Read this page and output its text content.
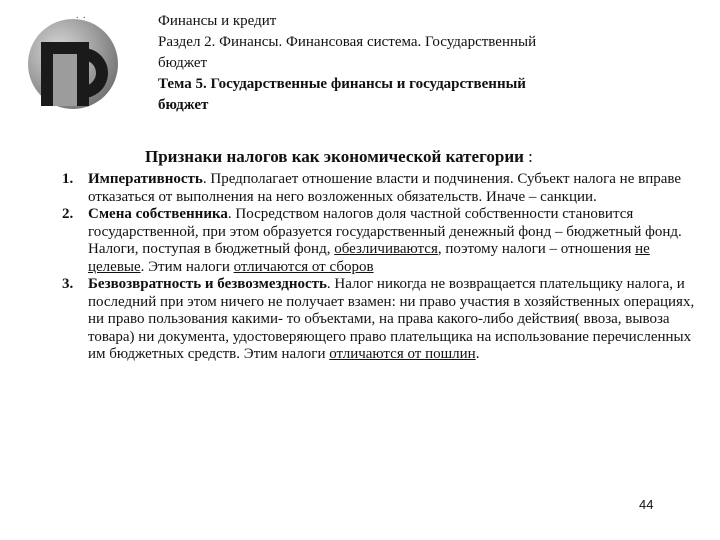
. .	Финансы и кредит
Раздел 2. Финансы. Финансовая система. Государственный
бюджет
Тема 5. Государственные финансы и государственный
бюджет
Признаки налогов как экономической категории :
1. Императивность. Предполагает отношение власти и подчинения. Субъект налога не вправе отказаться от выполнения на него возложенных обязательств. Иначе – санкции.
2. Смена собственника. Посредством налогов доля частной собственности становится государственной, при этом образуется государственный денежный фонд – бюджетный фонд. Налоги, поступая в бюджетный фонд, обезличиваются, поэтому налоги – отношения не целевые. Этим налоги отличаются от сборов
3. Безвозвратность и безвозмездность. Налог никогда не возвращается плательщику налога, и последний при этом ничего не получает взамен: ни право участия в хозяйственных операциях, ни право пользования какими- то объектами, на права какого-либо действия( ввоза, вывоза товара) ни документа, удостоверяющего право плательщика на использование перечисленных им бюджетных средств. Этим налоги отличаются от пошлин.
44
